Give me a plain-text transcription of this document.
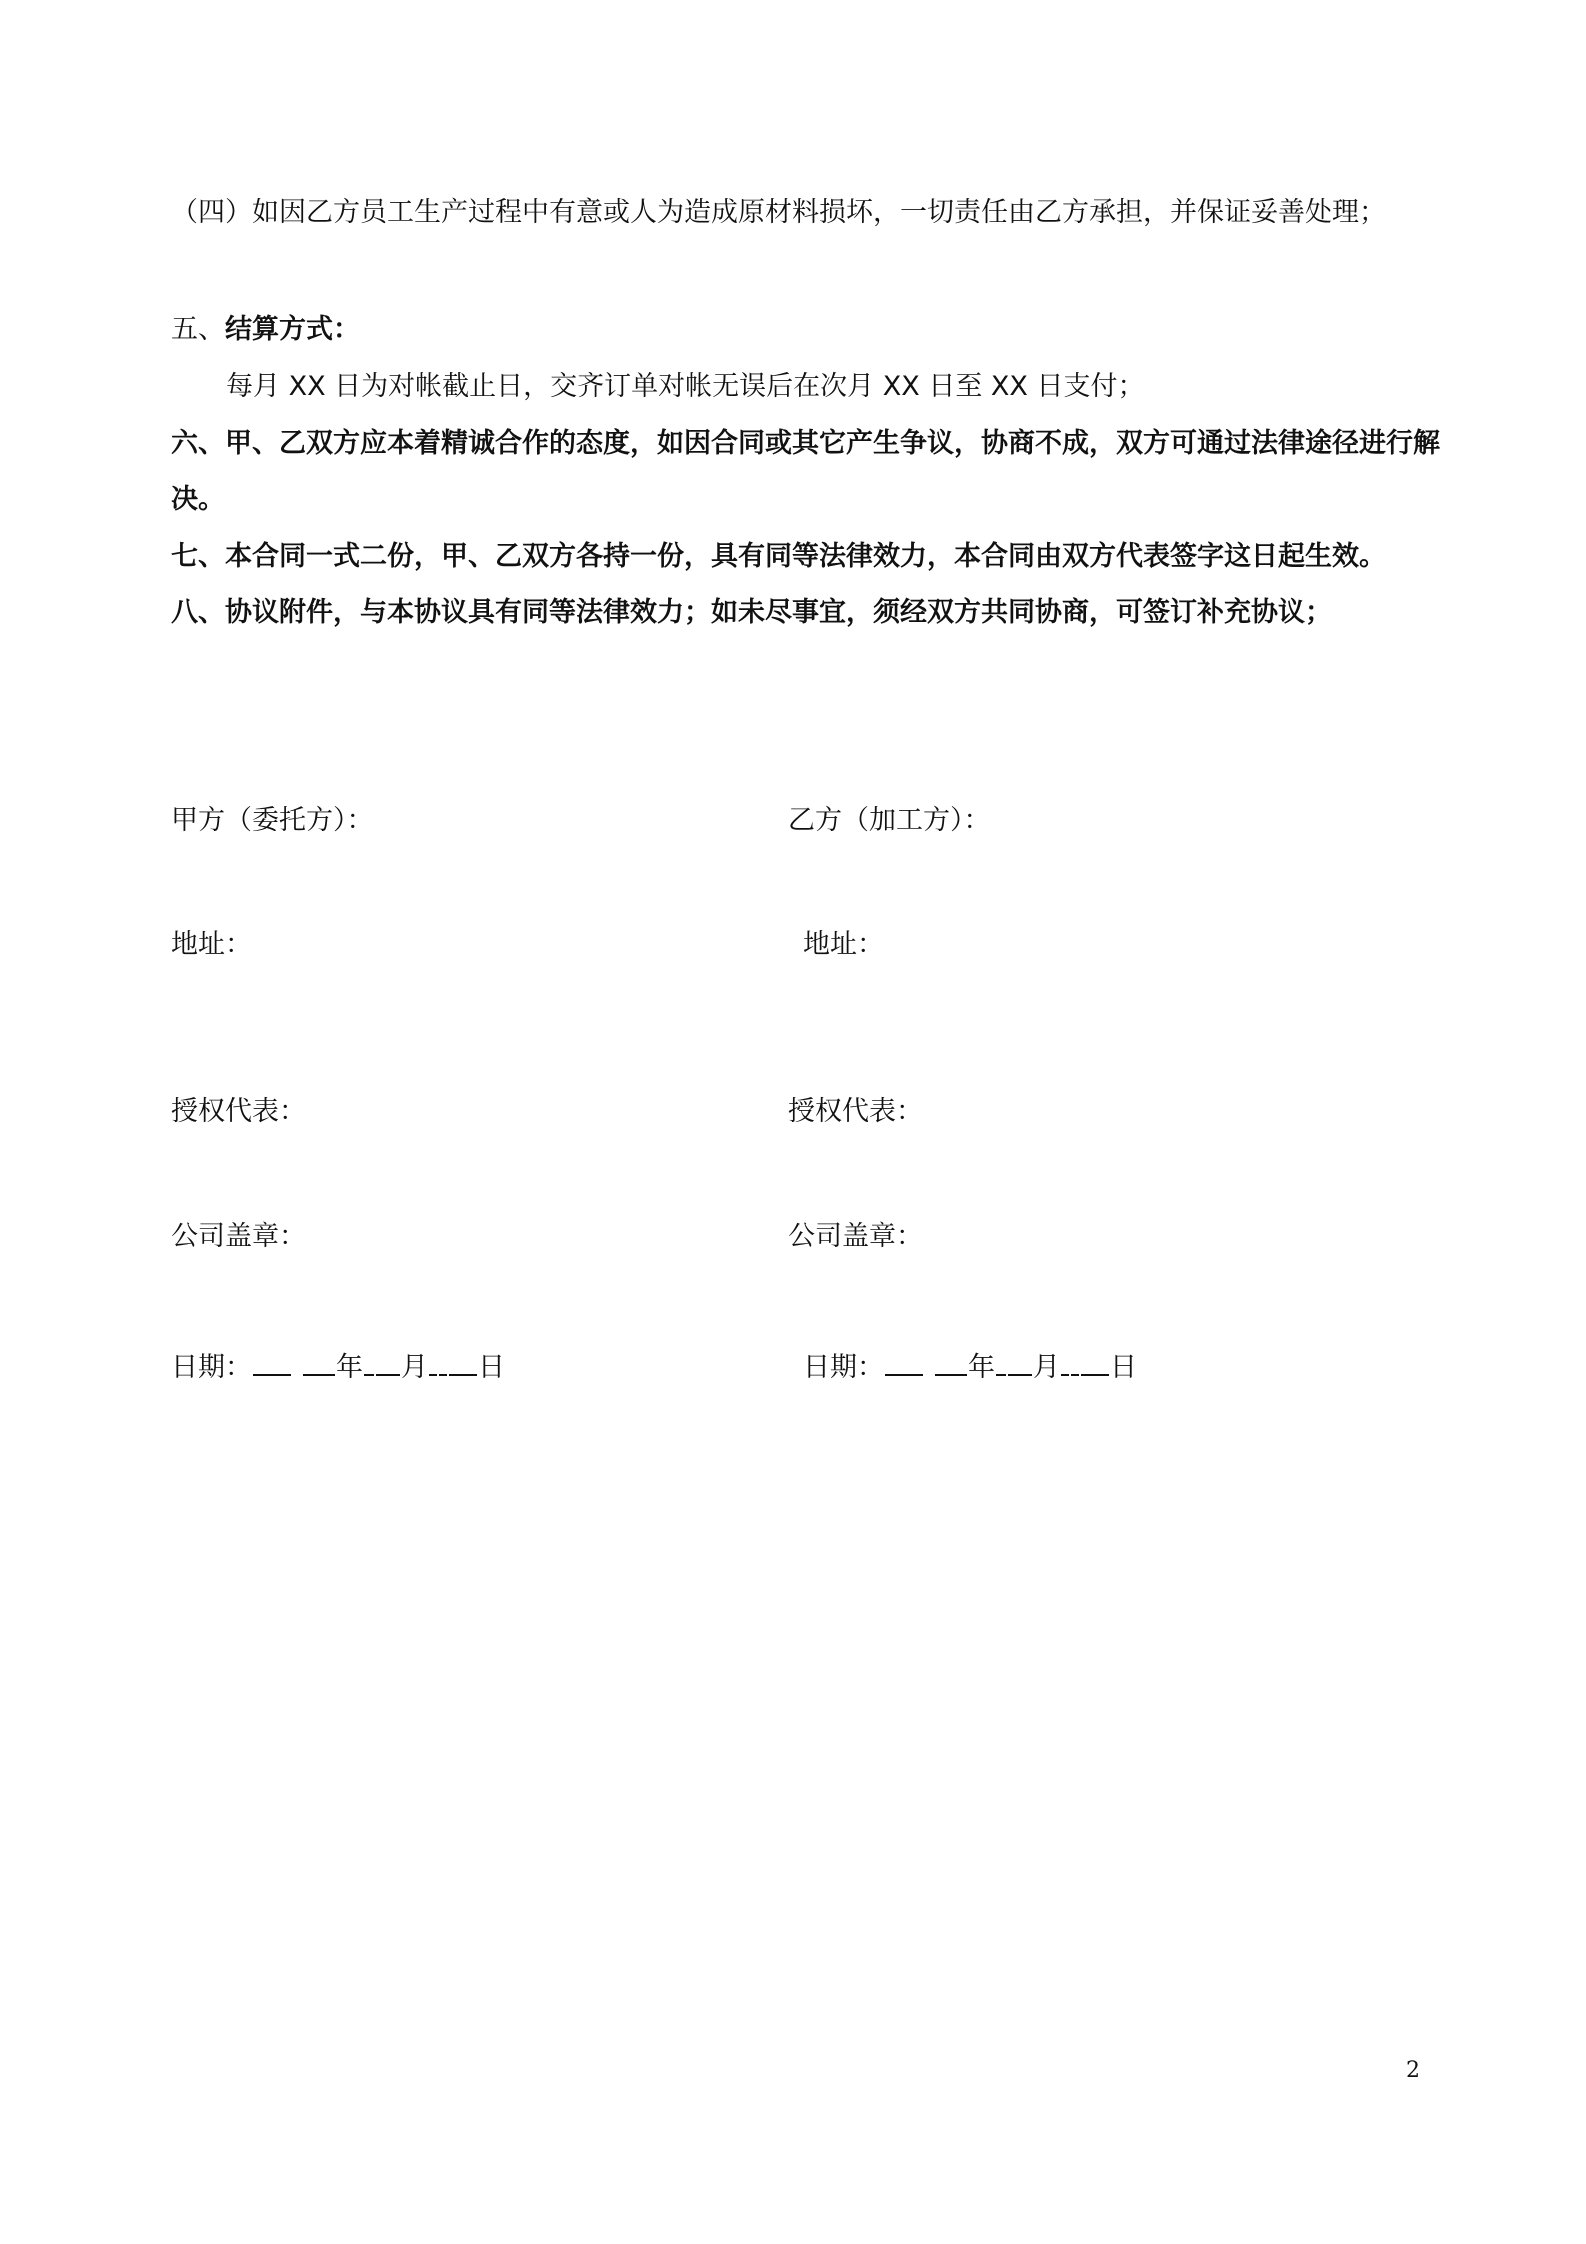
（四）如因乙方员工生产过程中有意或人为造成原材料损坏，一切责任由乙方承担，并保证妥善处理；
五、结算方式：
每月 XX 日为对帐截止日，交齐订单对帐无误后在次月 XX 日至 XX 日支付；
六、甲、乙双方应本着精诚合作的态度，如因合同或其它产生争议，协商不成，双方可通过法律途径进行解
决。
七、本合同一式二份，甲、乙双方各持一份，具有同等法律效力，本合同由双方代表签字这日起生效。
八、协议附件，与本协议具有同等法律效力；如未尽事宜，须经双方共同协商，可签订补充协议；
甲方（委托方）：	乙方（加工方）：
地址：	地址：
授权代表：	授权代表：
公司盖章：	公司盖章：
日期：	年 月 日	日期：	年 月 日
2
